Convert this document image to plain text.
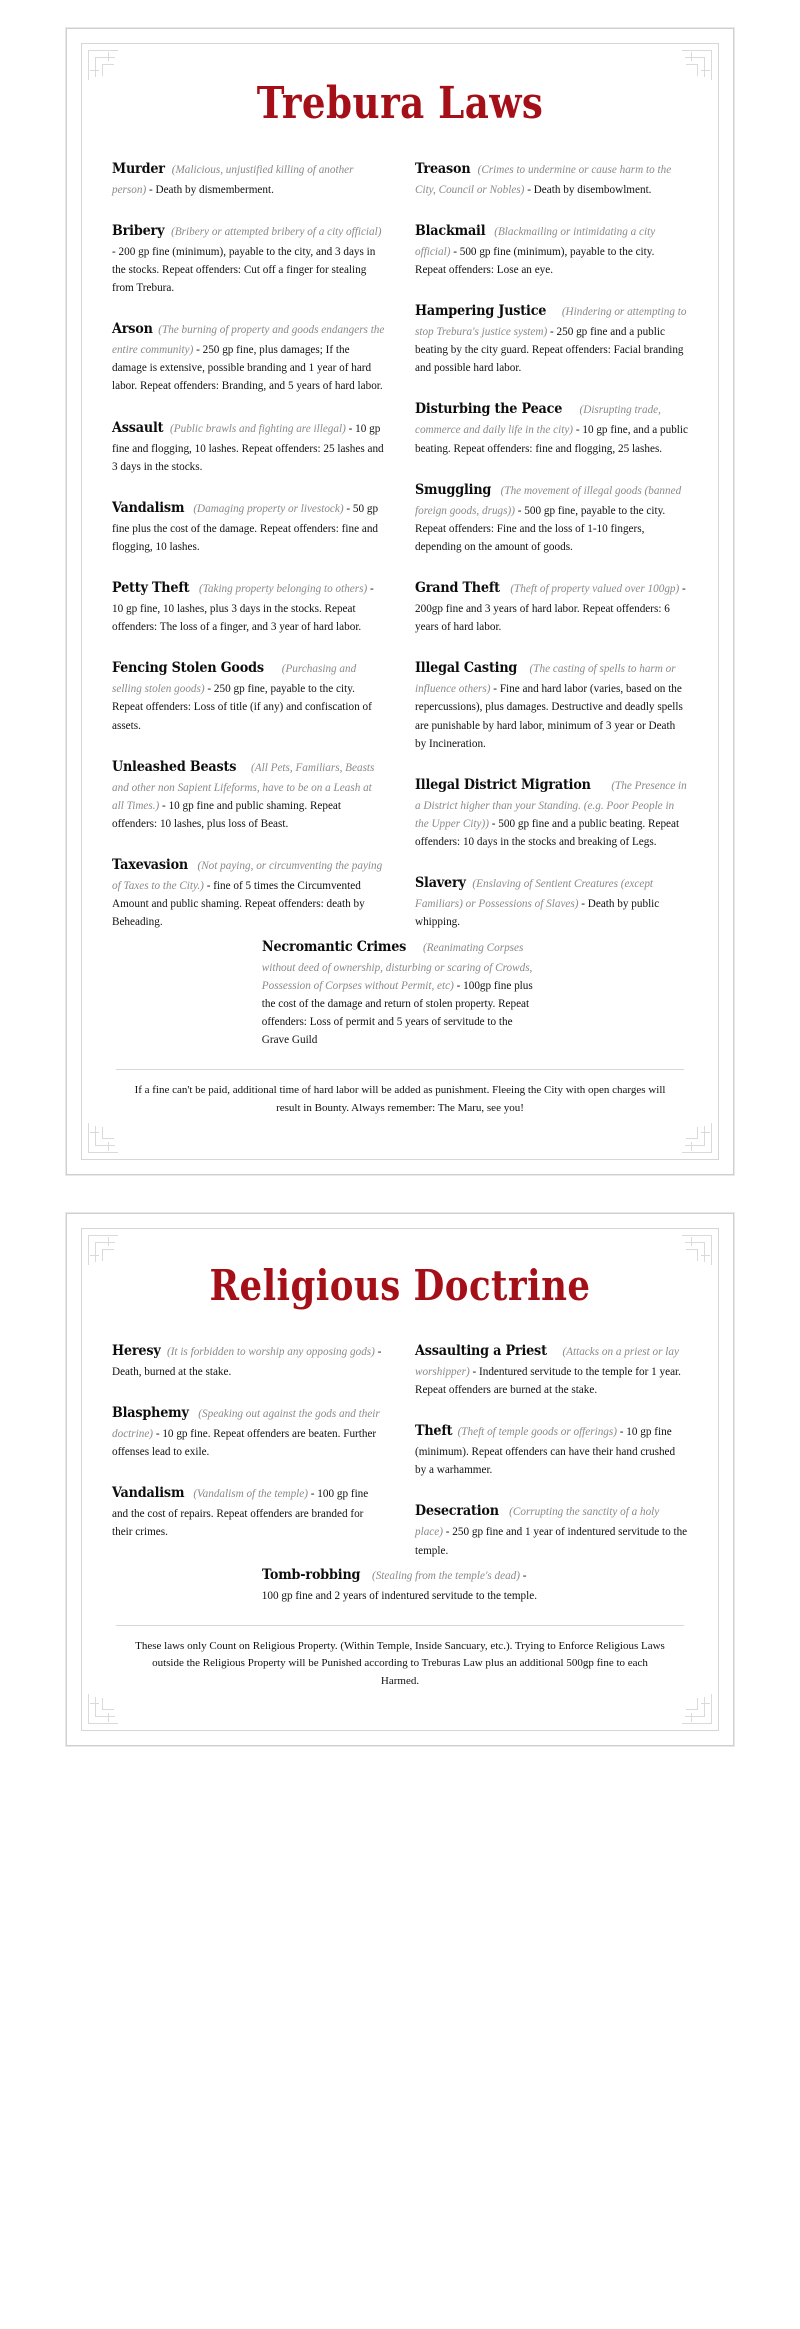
Trebura Laws

Murder (Malicious, unjustified killing of another person) - Death by dismemberment.

Bribery (Bribery or attempted bribery of a city official) - 200 gp fine (minimum), payable to the city, and 3 days in the stocks. Repeat offenders: Cut off a finger for stealing from Trebura.

Arson (The burning of property and goods endangers the entire community) - 250 gp fine, plus damages; If the damage is extensive, possible branding and 1 year of hard labor. Repeat offenders: Branding, and 5 years of hard labor.

Assault (Public brawls and fighting are illegal) - 10 gp fine and flogging, 10 lashes. Repeat offenders: 25 lashes and 3 days in the stocks.

Vandalism (Damaging property or livestock) - 50 gp fine plus the cost of the damage. Repeat offenders: fine and flogging, 10 lashes.

Petty Theft (Taking property belonging to others) - 10 gp fine, 10 lashes, plus 3 days in the stocks. Repeat offenders: The loss of a finger, and 3 year of hard labor.

Fencing Stolen Goods (Purchasing and selling stolen goods) - 250 gp fine, payable to the city. Repeat offenders: Loss of title (if any) and confiscation of assets.

Unleashed Beasts (All Pets, Familiars, Beasts and other non Sapient Lifeforms, have to be on a Leash at all Times.) - 10 gp fine and public shaming. Repeat offenders: 10 lashes, plus loss of Beast.

Taxevasion (Not paying, or circumventing the paying of Taxes to the City.) - fine of 5 times the Circumvented Amount and public shaming. Repeat offenders: death by Beheading.

Treason (Crimes to undermine or cause harm to the City, Council or Nobles) - Death by disembowlment.

Blackmail (Blackmailing or intimidating a city official) - 500 gp fine (minimum), payable to the city. Repeat offenders: Lose an eye.

Hampering Justice (Hindering or attempting to stop Trebura's justice system) - 250 gp fine and a public beating by the city guard. Repeat offenders: Facial branding and possible hard labor.

Disturbing the Peace (Disrupting trade, commerce and daily life in the city) - 10 gp fine, and a public beating. Repeat offenders: fine and flogging, 25 lashes.

Smuggling (The movement of illegal goods (banned foreign goods, drugs)) - 500 gp fine, payable to the city. Repeat offenders: Fine and the loss of 1-10 fingers, depending on the amount of goods.

Grand Theft (Theft of property valued over 100gp) - 200gp fine and 3 years of hard labor. Repeat offenders: 6 years of hard labor.

Illegal Casting (The casting of spells to harm or influence others) - Fine and hard labor (varies, based on the repercussions), plus damages. Destructive and deadly spells are punishable by hard labor, minimum of 3 year or Death by Incineration.

Illegal District Migration (The Presence in a District higher than your Standing. (e.g. Poor People in the Upper City)) - 500 gp fine and a public beating. Repeat offenders: 10 days in the stocks and breaking of Legs.

Slavery (Enslaving of Sentient Creatures (except Familiars) or Possessions of Slaves) - Death by public whipping.

Necromantic Crimes (Reanimating Corpses without deed of ownership, disturbing or scaring of Crowds, Possession of Corpses without Permit, etc) - 100gp fine plus the cost of the damage and return of stolen property. Repeat offenders: Loss of permit and 5 years of servitude to the Grave Guild

If a fine can't be paid, additional time of hard labor will be added as punishment. Fleeing the City with open charges will result in Bounty. Always remember: The Maru, see you!

Religious Doctrine

Heresy (It is forbidden to worship any opposing gods) - Death, burned at the stake.

Blasphemy (Speaking out against the gods and their doctrine) - 10 gp fine. Repeat offenders are beaten. Further offenses lead to exile.

Vandalism (Vandalism of the temple) - 100 gp fine and the cost of repairs. Repeat offenders are branded for their crimes.

Assaulting a Priest (Attacks on a priest or lay worshipper) - Indentured servitude to the temple for 1 year. Repeat offenders are burned at the stake.

Theft (Theft of temple goods or offerings) - 10 gp fine (minimum). Repeat offenders can have their hand crushed by a warhammer.

Desecration (Corrupting the sanctity of a holy place) - 250 gp fine and 1 year of indentured servitude to the temple.

Tomb-robbing (Stealing from the temple's dead) - 100 gp fine and 2 years of indentured servitude to the temple.

These laws only Count on Religious Property. (Within Temple, Inside Sancuary, etc.). Trying to Enforce Religious Laws outside the Religious Property will be Punished according to Treburas Law plus an additional 500gp fine to each Harmed.
